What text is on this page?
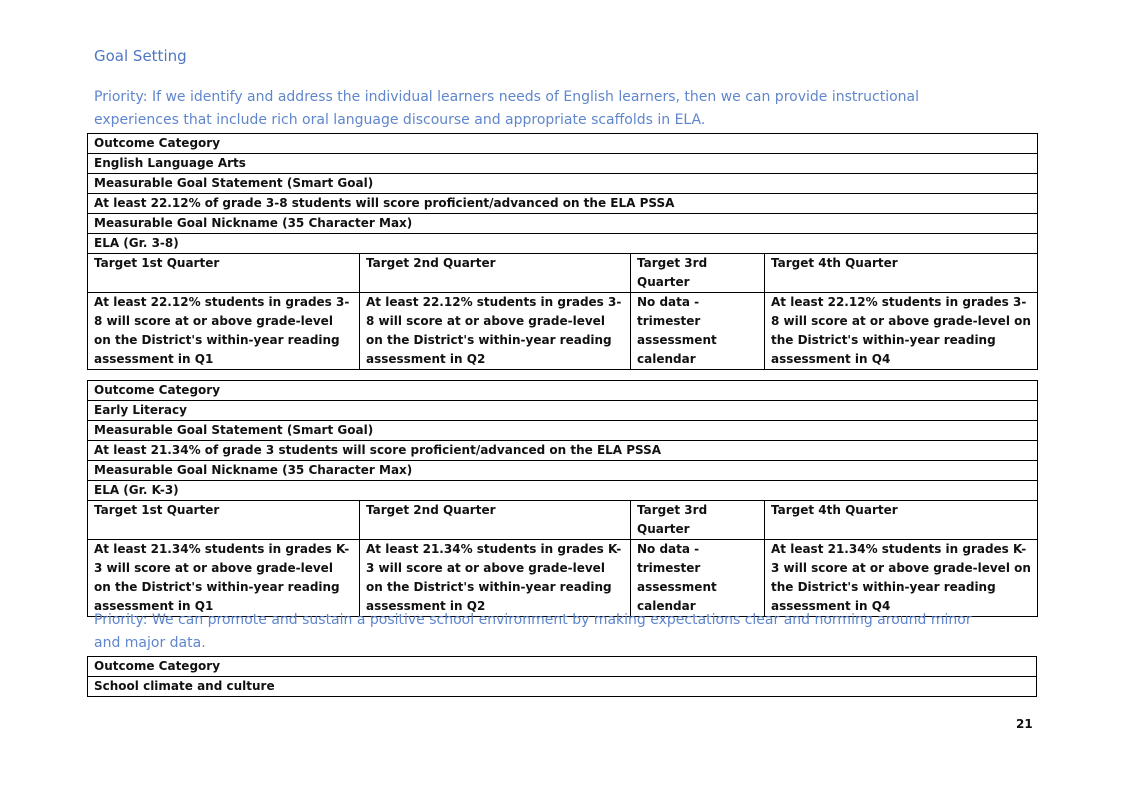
Goal Setting
Priority: If we identify and address the individual learners needs of English learners, then we can provide instructional experiences that include rich oral language discourse and appropriate scaffolds in ELA.
Outcome Category			
English Language Arts			
Measurable Goal Statement (Smart Goal)			
At least 22.12% of grade 3-8 students will score proficient/advanced on the ELA PSSA			
Measurable Goal Nickname (35 Character Max)			
ELA (Gr. 3-8)			
Target 1st Quarter	Target 2nd Quarter	Target 3rd Quarter	Target 4th Quarter
At least 22.12% students in grades 3-8 will score at or above grade-level on the District's within-year reading assessment in Q1	At least 22.12% students in grades 3-8 will score at or above grade-level on the District's within-year reading assessment in Q2	No data - trimester assessment calendar	At least 22.12% students in grades 3-8 will score at or above grade-level on the District's within-year reading assessment in Q4
Outcome Category			
Early Literacy			
Measurable Goal Statement (Smart Goal)			
At least 21.34% of grade 3 students will score proficient/advanced on the ELA PSSA			
Measurable Goal Nickname (35 Character Max)			
ELA (Gr. K-3)			
Target 1st Quarter	Target 2nd Quarter	Target 3rd Quarter	Target 4th Quarter
At least 21.34% students in grades K-3 will score at or above grade-level on the District's within-year reading assessment in Q1	At least 21.34% students in grades K-3 will score at or above grade-level on the District's within-year reading assessment in Q2	No data - trimester assessment calendar	At least 21.34% students in grades K-3 will score at or above grade-level on the District's within-year reading assessment in Q4
Priority: We can promote and sustain a positive school environment by making expectations clear and norming around minor and major data.
Outcome Category
School climate and culture
21
